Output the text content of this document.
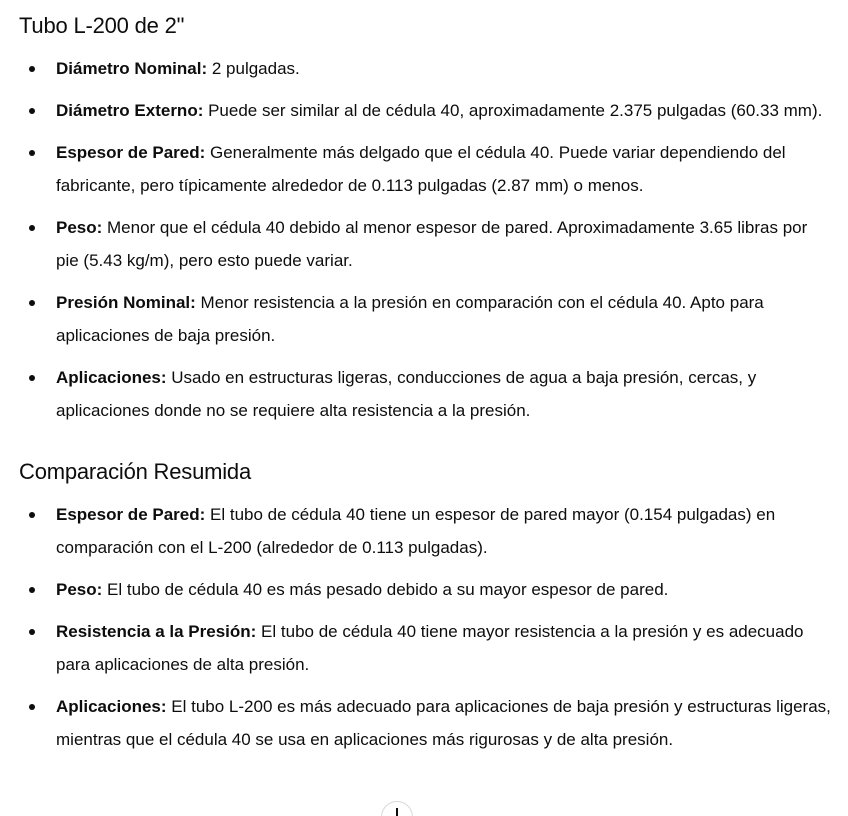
Tubo L-200 de 2"
Diámetro Nominal: 2 pulgadas.
Diámetro Externo: Puede ser similar al de cédula 40, aproximadamente 2.375 pulgadas (60.33 mm).
Espesor de Pared: Generalmente más delgado que el cédula 40. Puede variar dependiendo del fabricante, pero típicamente alrededor de 0.113 pulgadas (2.87 mm) o menos.
Peso: Menor que el cédula 40 debido al menor espesor de pared. Aproximadamente 3.65 libras por pie (5.43 kg/m), pero esto puede variar.
Presión Nominal: Menor resistencia a la presión en comparación con el cédula 40. Apto para aplicaciones de baja presión.
Aplicaciones: Usado en estructuras ligeras, conducciones de agua a baja presión, cercas, y aplicaciones donde no se requiere alta resistencia a la presión.
Comparación Resumida
Espesor de Pared: El tubo de cédula 40 tiene un espesor de pared mayor (0.154 pulgadas) en comparación con el L-200 (alrededor de 0.113 pulgadas).
Peso: El tubo de cédula 40 es más pesado debido a su mayor espesor de pared.
Resistencia a la Presión: El tubo de cédula 40 tiene mayor resistencia a la presión y es adecuado para aplicaciones de alta presión.
Aplicaciones: El tubo L-200 es más adecuado para aplicaciones de baja presión y estructuras ligeras, mientras que el cédula 40 se usa en aplicaciones más rigurosas y de alta presión.
